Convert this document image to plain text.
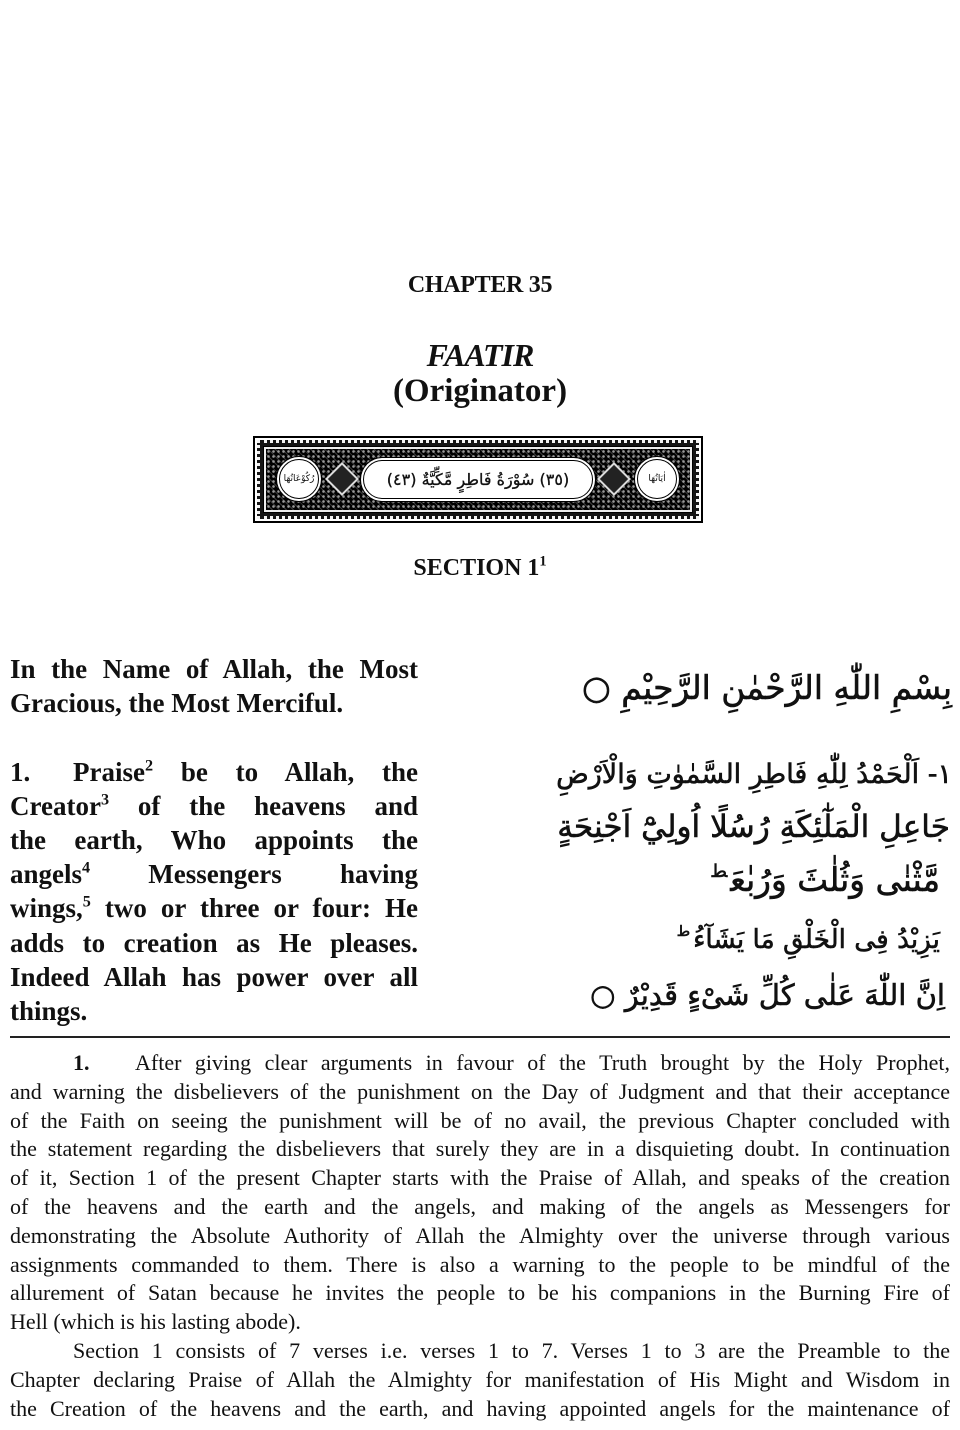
CHAPTER 35
FAATIR
(Originator)
رُكُوْعَاتُهَا	(٣٥) سُوْرَةُ فَاطِرٍ مَّكِّيَّةٌ (٤٣)	اٰيَاتُهَا
SECTION $1^1$
In the Name of Allah, the Most
Gracious, the Most Merciful.
1. Praise$^2$ be to Allah, the
Creator$^3$ of the heavens and
the earth, Who appoints the
angels$^4$ Messengers having
wings,$^5$ two or three or four: He
adds to creation as He pleases.
Indeed Allah has power over all
things.
بِسْمِ اللّٰهِ الرَّحْمٰنِ الرَّحِيْمِ ○
١- اَلْحَمْدُ لِلّٰهِ فَاطِرِ السَّمٰوٰتِ وَالْاَرْضِ
جَاعِلِ الْمَلٰٓئِكَةِ رُسُلًا اُولِيْٓ اَجْنِحَةٍ
مَّثْنٰى وَثُلٰثَ وَرُبٰعَ$^ط$
يَزِيْدُ فِى الْخَلْقِ مَا يَشَآءُ$^ط$
اِنَّ اللّٰهَ عَلٰى كُلِّ شَىْءٍ قَدِيْرٌ ○
1. After giving clear arguments in favour of the Truth brought by the Holy Prophet,
and warning the disbelievers of the punishment on the Day of Judgment and that their acceptance
of the Faith on seeing the punishment will be of no avail, the previous Chapter concluded with
the statement regarding the disbelievers that surely they are in a disquieting doubt. In continuation
of it, Section 1 of the present Chapter starts with the Praise of Allah, and speaks of the creation
of the heavens and the earth and the angels, and making of the angels as Messengers for
demonstrating the Absolute Authority of Allah the Almighty over the universe through various
assignments commanded to them. There is also a warning to the people to be mindful of the
allurement of Satan because he invites the people to be his companions in the Burning Fire of
Hell (which is his lasting abode).
Section 1 consists of 7 verses i.e. verses 1 to 7. Verses 1 to 3 are the Preamble to the
Chapter declaring Praise of Allah the Almighty for manifestation of His Might and Wisdom in
the Creation of the heavens and the earth, and having appointed angels for the maintenance of
